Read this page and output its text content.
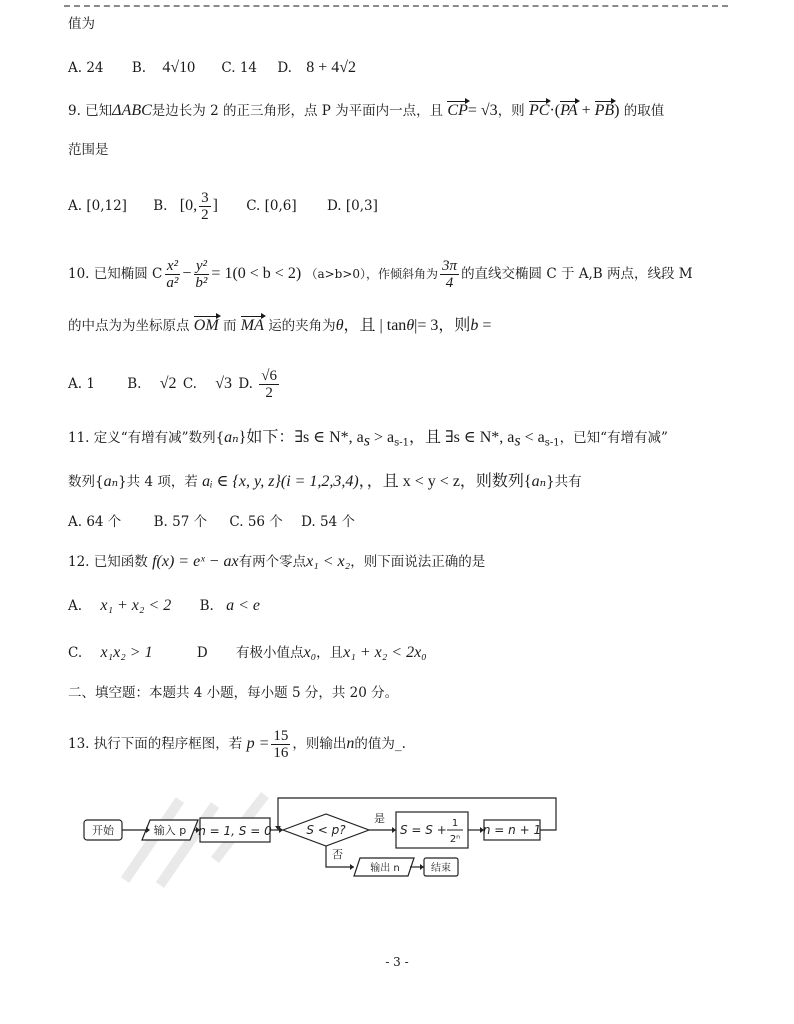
值为
A. 24 B. 4√10 C. 14 D. 8 + 4√2
9. 已知ΔABC是边长为 2 的正三角形，点 P 为平面内一点，且 CP= √3，则 PC·(PA + PB) 的取值
范围是
A. [0,12] B. [0, $\frac{3}{2}$ ] C. [0,6] D. [0,3]
10. 已知椭圆 C $\frac{\text{x²}}{\text{a²}} - \frac{\text{y²}}{\text{b²}} = 1(0 < b < 2)$ （a>b>0），作倾斜角为 $\frac{3\pi}{4}$ 的直线交椭圆 C 于 A,B 两点，线段 M
的中点为为坐标原点 OM 而 MA 运的夹角为θ，且 | tanθ|= 3，则b =
A. 1 B. √2 C. √3 D. $\frac{√6}{2}$
11. 定义“有增有减”数列{aₙ}如下：∃s ∈ N*, $a_s > a_{s-1}$，且 ∃s ∈ N*, $a_s < a_{s-1}$，已知“有增有减”
数列{aₙ}共 4 项，若 aᵢ ∈ {x, y, z}(i = 1,2,3,4)，，且 x < y < z，则数列{aₙ}共有
A. 64 个 B. 57 个 C. 56 个 D. 54 个
12. 已知函数 f(x) = eˣ − ax有两个零点x₁ < x₂，则下面说法正确的是
A. x₁ + x₂ < 2 B. a < e
C. x₁x₂ > 1	D 有极小值点x₀，且x₁ + x₂ < 2x₀
二、填空题：本题共 4 小题，每小题 5 分，共 20 分。
13. 执行下面的程序框图，若 $p = \frac{15}{16}$ ，则输出n的值为_.
开始	输入 p n = 1, S = 0	S < p?
是
否
S = S + 1
2ⁿ
n = n + 1
输出 n	结束
- 3 -
